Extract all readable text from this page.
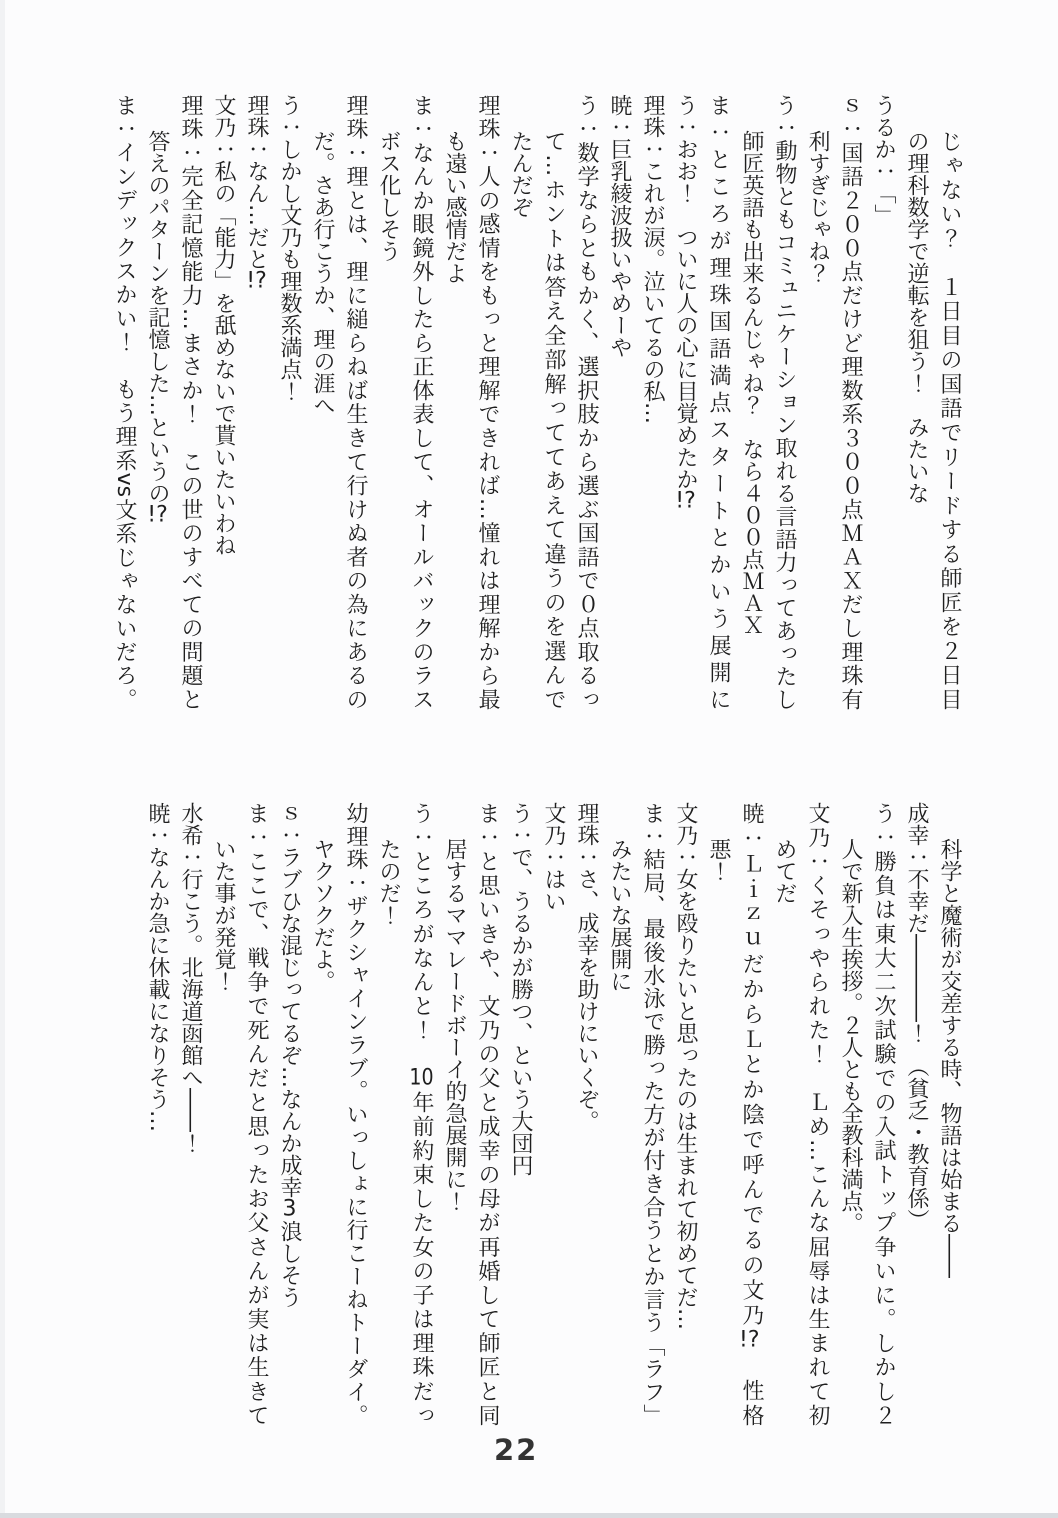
じゃない？　１日目の国語でリードする師匠を２日目
の理科数学で逆転を狙う！　みたいな
うるか：「」
ｓ：国語２００点だけど理数系３００点ＭＡＸだし理珠有
利すぎじゃね？
う：動物ともコミュニケーション取れる言語力ってあったし
師匠英語も出来るんじゃね？　なら４００点ＭＡＸ
ま：ところが理珠国語満点スタートとかいう展開に
う：おお！　ついに人の心に目覚めたか!?
理珠：これが涙。泣いてるの私…
暁：巨乳綾波扱いやめーや
う：数学ならともかく、選択肢から選ぶ国語で０点取るっ
て…ホントは答え全部解っててあえて違うのを選んで
たんだぞ
理珠：人の感情をもっと理解できれば…憧れは理解から最
も遠い感情だよ
ま：なんか眼鏡外したら正体表して、オールバックのラス
ボス化しそう
理珠：理とは、理に縋らねば生きて行けぬ者の為にあるの
だ。さあ行こうか、理の涯へ
う：しかし文乃も理数系満点！
理珠：なん…だと!?
文乃：私の「能力」を舐めないで貰いたいわね
理珠：完全記憶能力…まさか！　この世のすべての問題と
答えのパターンを記憶した…というの!?
ま：インデックスかい！　もう理系vs文系じゃないだろ。
科学と魔術が交差する時、物語は始まる――
成幸：不幸だ――――！　（貧乏・教育係）
う：勝負は東大二次試験での入試トップ争いに。しかし２
人で新入生挨拶。２人とも全教科満点。
文乃：くそっやられた！　Ｌめ…こんな屈辱は生まれて初
めてだ
暁：ＬｉｚｕだからＬとか陰で呼んでるの文乃!?　性格
悪！
文乃：女を殴りたいと思ったのは生まれて初めてだ…
ま：結局、最後水泳で勝った方が付き合うとか言う「ラフ」
みたいな展開に
理珠：さ、成幸を助けにいくぞ。
文乃：はい
う：で、うるかが勝つ、という大団円
ま：と思いきや、文乃の父と成幸の母が再婚して師匠と同
居するママレードボーイ的急展開に！
う：ところがなんと！　10年前約束した女の子は理珠だっ
たのだ！
幼理珠：ザクシャインラブ。いっしょに行こーねトーダイ。
ヤクソクだよ。
ｓ：ラブひな混じってるぞ…なんか成幸3浪しそう
ま：ここで、戦争で死んだと思ったお父さんが実は生きて
いた事が発覚！
水希：行こう。北海道函館へ――！
暁：なんか急に休載になりそう…
22
